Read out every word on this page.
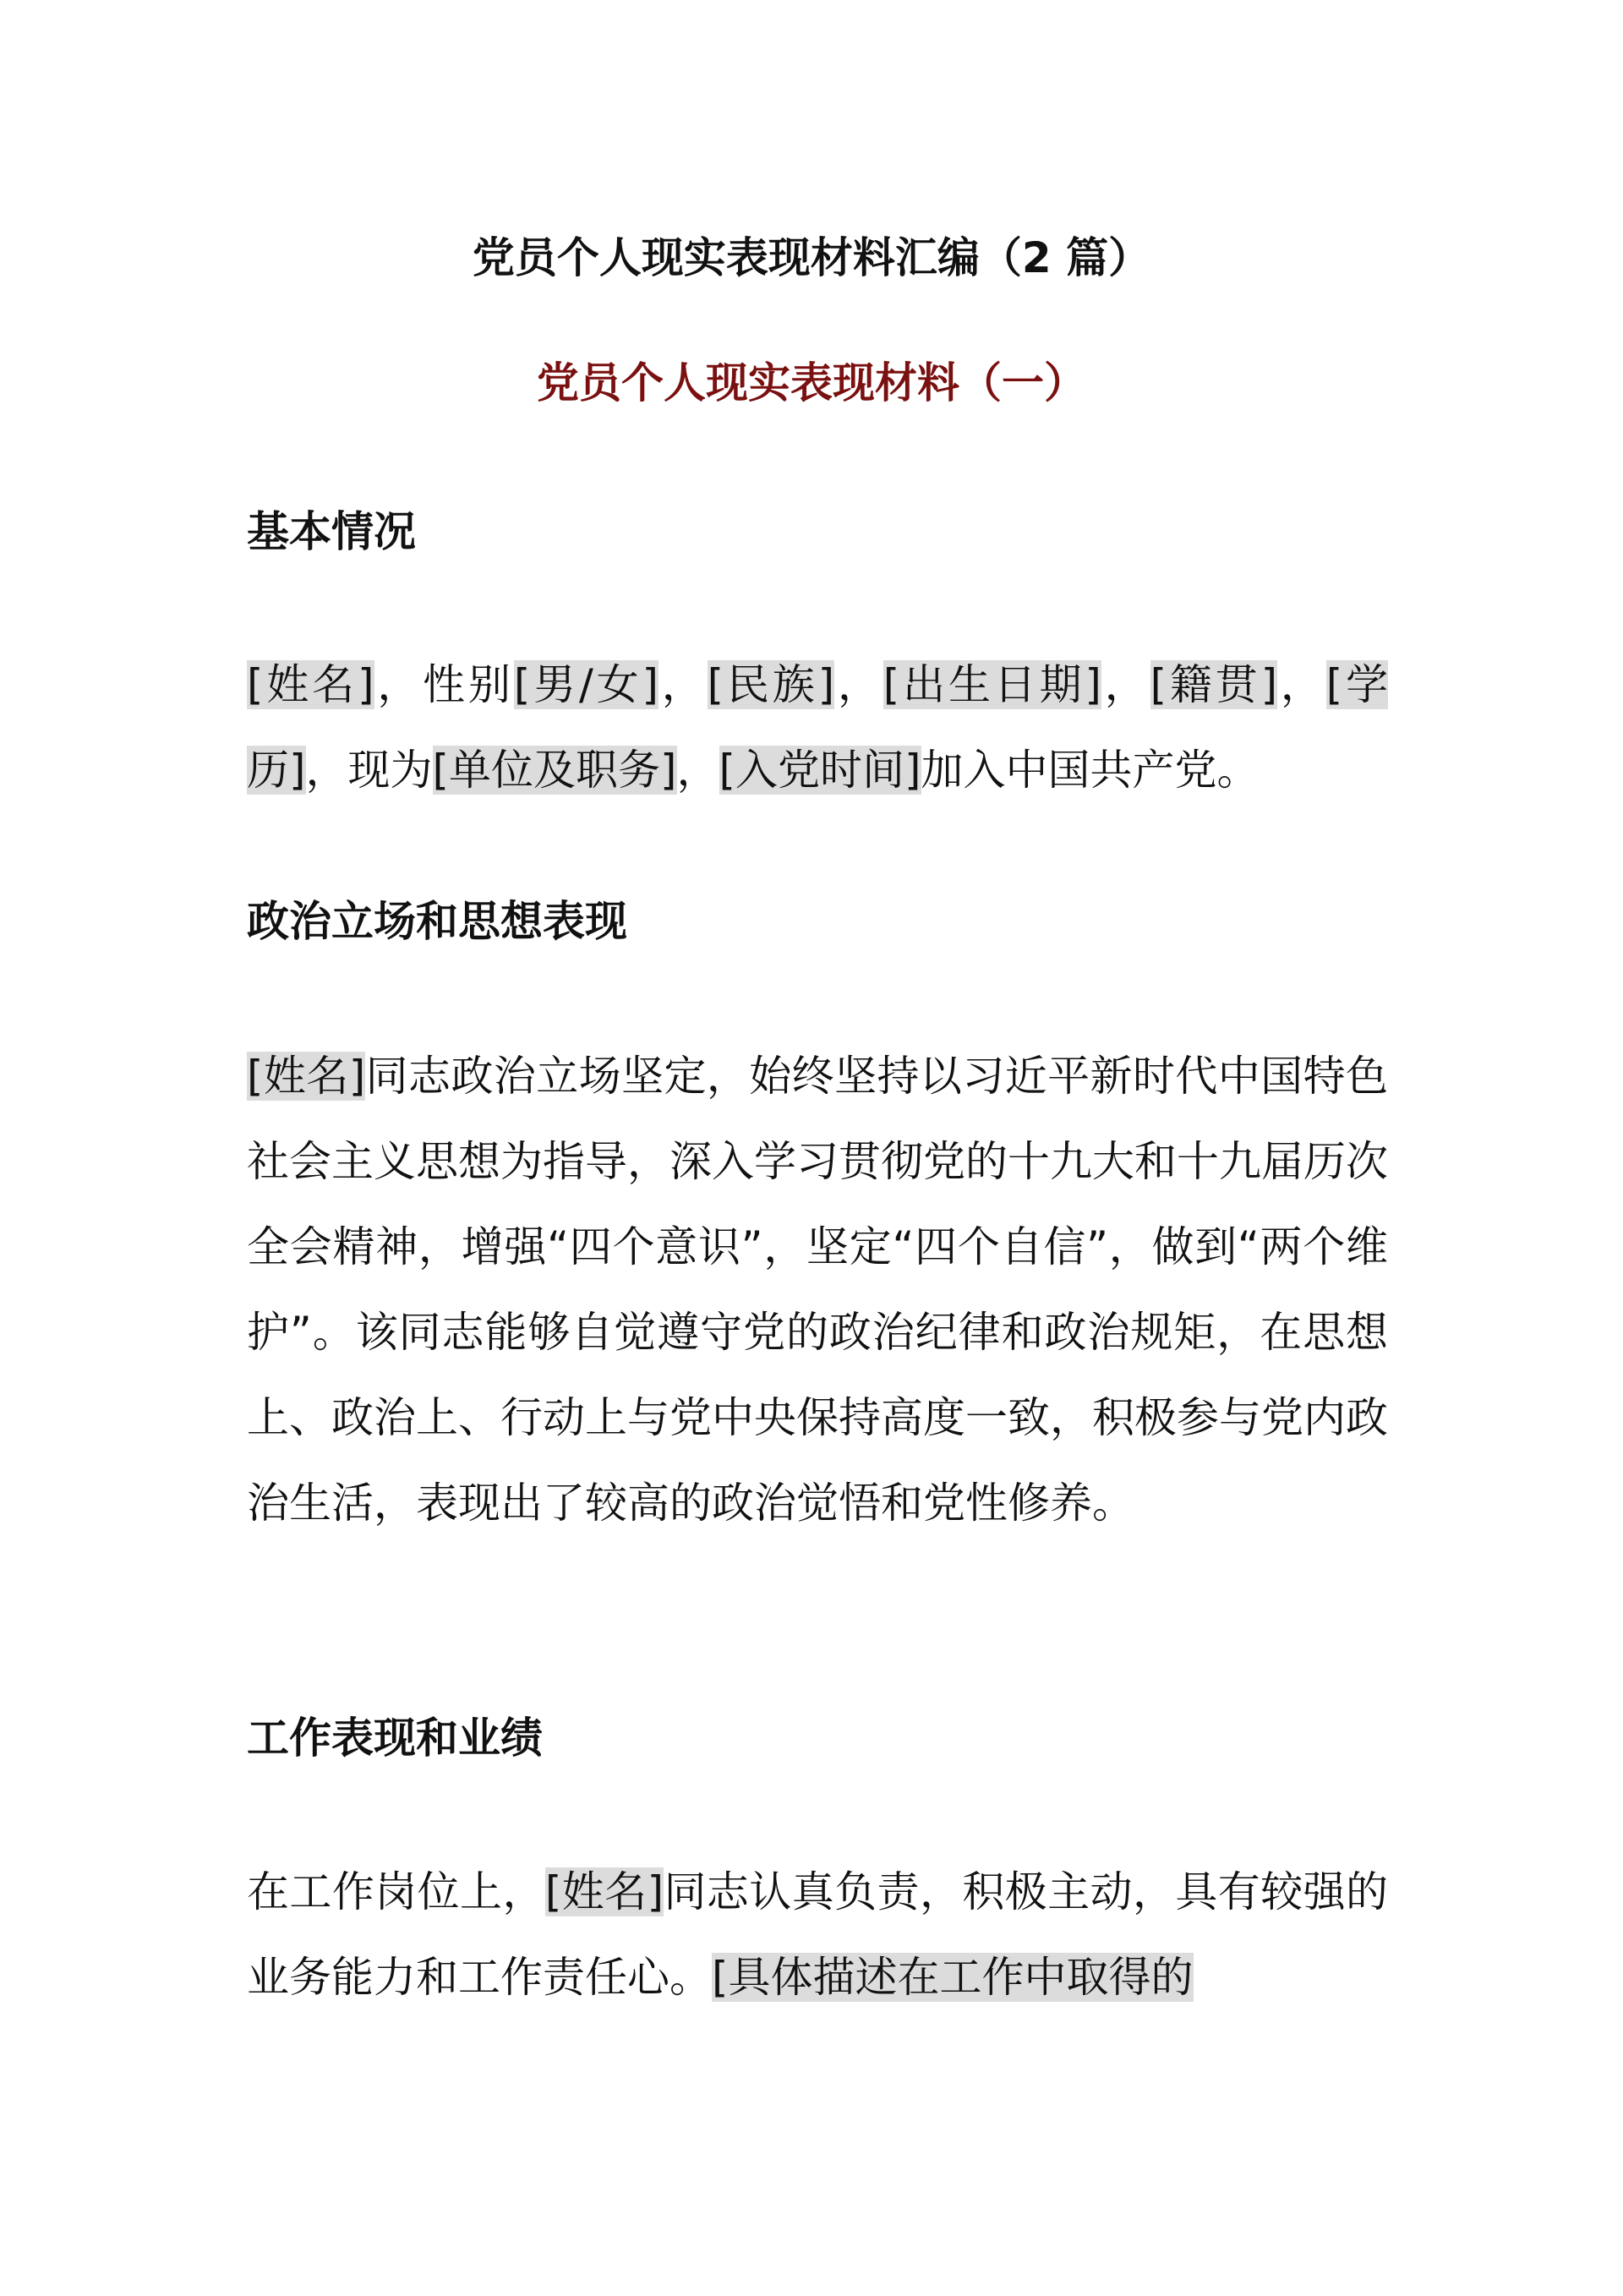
党员个人现实表现材料汇编（2 篇）
党员个人现实表现材料（一）
基本情况

[姓名]，性别[男/女]，[民族]，[出生日期]，[籍贯]，[学历]，现为[单位及职务]，[入党时间]加入中国共产党。

政治立场和思想表现

[姓名]同志政治立场坚定，始终坚持以习近平新时代中国特色社会主义思想为指导，深入学习贯彻党的十九大和十九届历次全会精神，增强“四个意识”，坚定“四个自信”，做到“两个维护”。该同志能够自觉遵守党的政治纪律和政治规矩，在思想上、政治上、行动上与党中央保持高度一致，积极参与党内政治生活，表现出了较高的政治觉悟和党性修养。

工作表现和业绩

在工作岗位上，[姓名]同志认真负责，积极主动，具有较强的业务能力和工作责任心。[具体描述在工作中取得的
